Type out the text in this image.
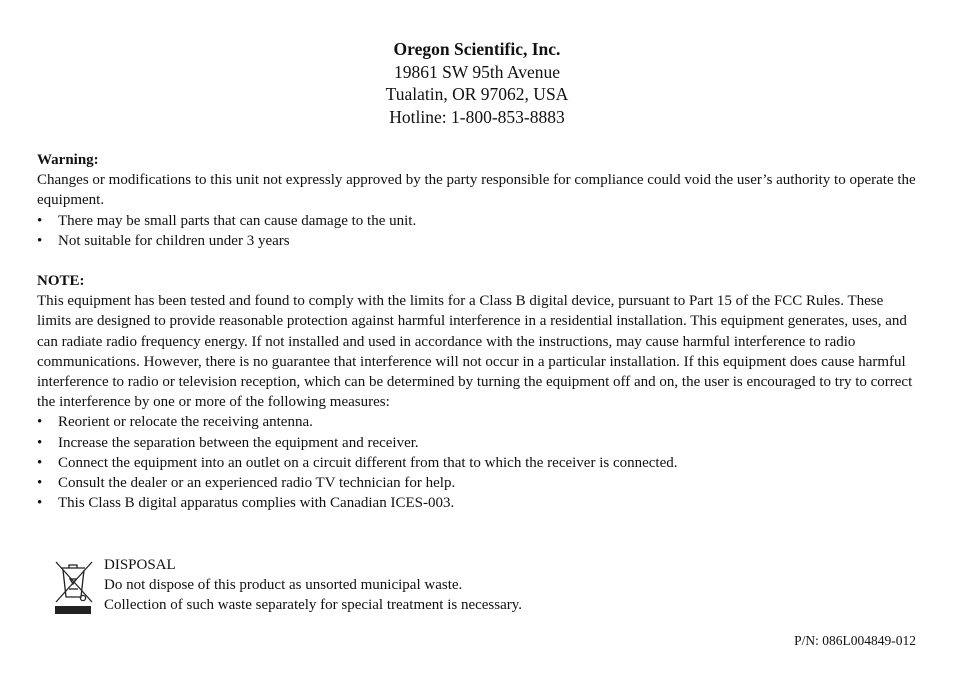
Oregon Scientific, Inc.
19861 SW 95th Avenue
Tualatin, OR 97062, USA
Hotline: 1-800-853-8883
Warning:
Changes or modifications to this unit not expressly approved by the party responsible for compliance could void the user’s authority to operate the equipment.
• There may be small parts that can cause damage to the unit.
• Not suitable for children under 3 years
NOTE:
This equipment has been tested and found to comply with the limits for a Class B digital device, pursuant to Part 15 of the FCC Rules. These limits are designed to provide reasonable protection against harmful interference in a residential installation. This equipment generates, uses, and can radiate radio frequency energy. If not installed and used in accordance with the instructions, may cause harmful interference to radio communications. However, there is no guarantee that interference will not occur in a particular installation. If this equipment does cause harmful interference to radio or television reception, which can be determined by turning the equipment off and on, the user is encouraged to try to correct the interference by one or more of the following measures:
• Reorient or relocate the receiving antenna.
• Increase the separation between the equipment and receiver.
• Connect the equipment into an outlet on a circuit different from that to which the receiver is connected.
• Consult the dealer or an experienced radio TV technician for help.
• This Class B digital apparatus complies with Canadian ICES-003.
DISPOSAL
Do not dispose of this product as unsorted municipal waste.
Collection of such waste separately for special treatment is necessary.
P/N: 086L004849-012
